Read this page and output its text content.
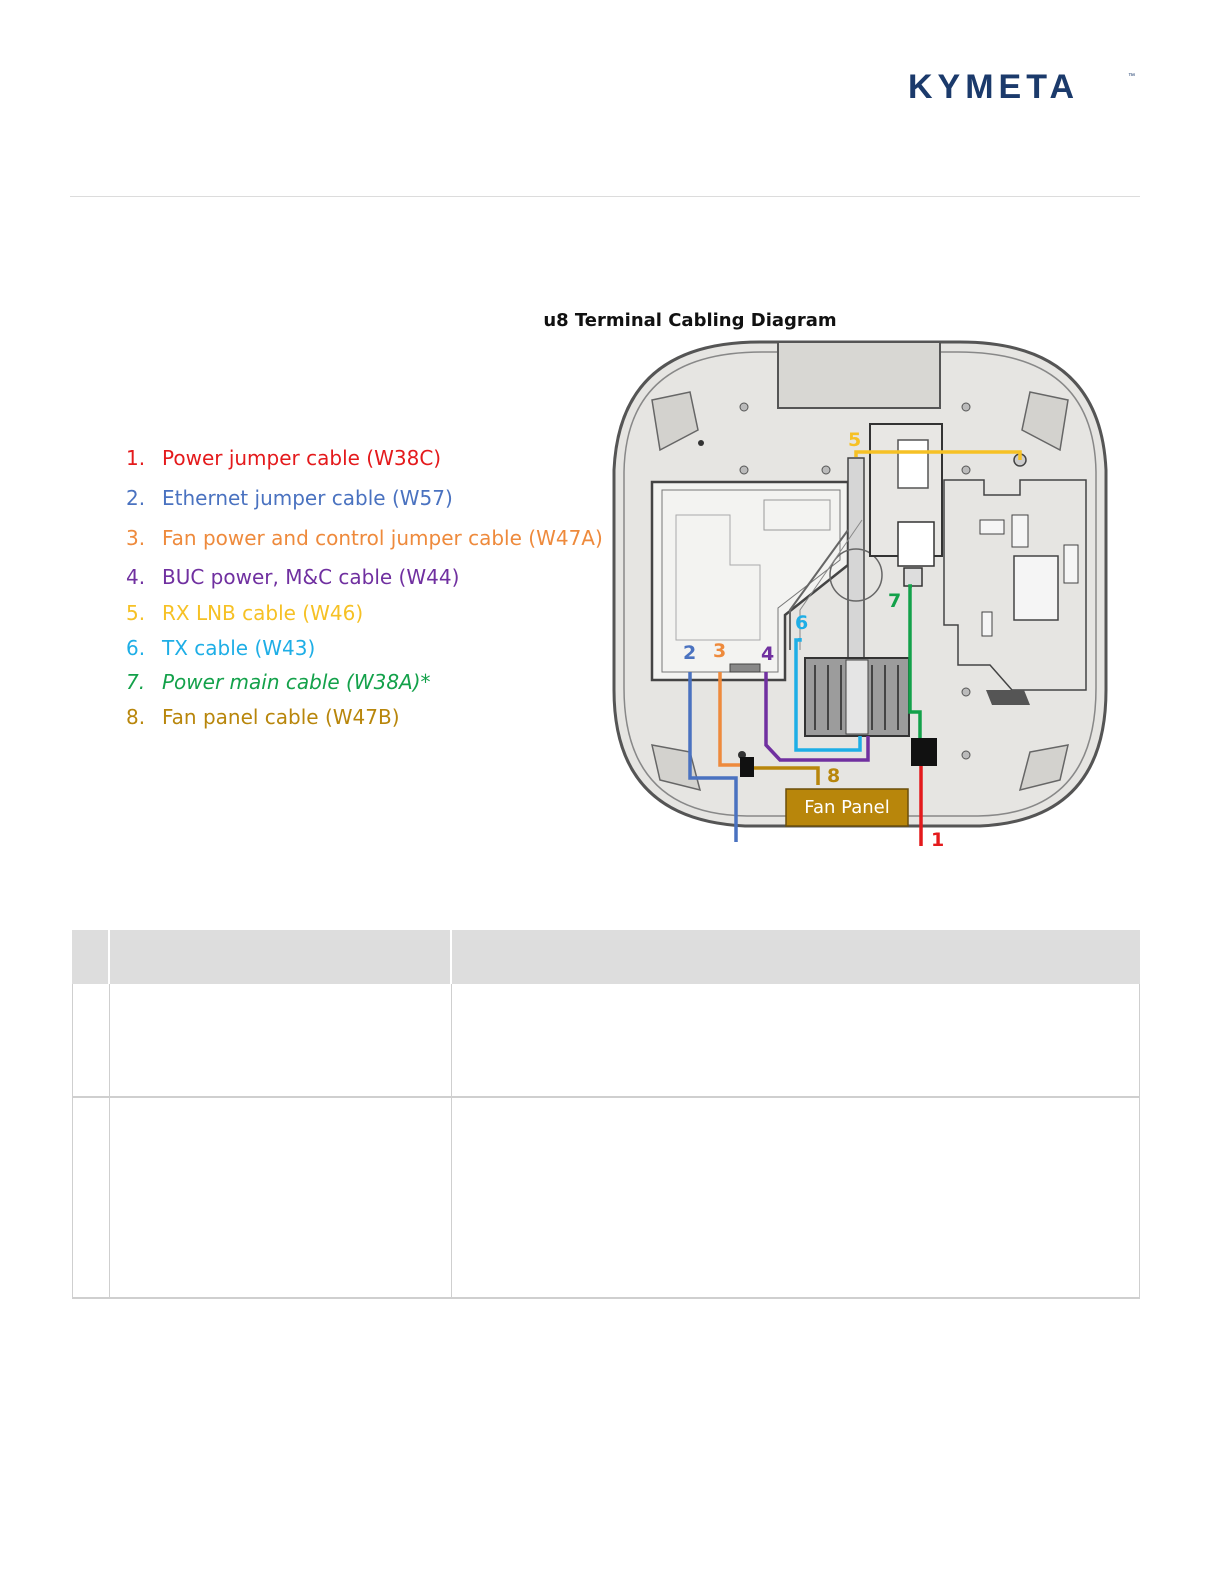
KYMETA	™
u8 Terminal Cabling Diagram
1. Power jumper cable (W38C)
2. Ethernet jumper cable (W57)
3. Fan power and control jumper cable (W47A)
4. BUC power, M&C cable (W44)
5. RX LNB cable (W46)
6. TX cable (W43)
7. Power main cable (W38A)*
8. Fan panel cable (W47B)
Fan Panel
5
7
6
2 3 4
8
1
